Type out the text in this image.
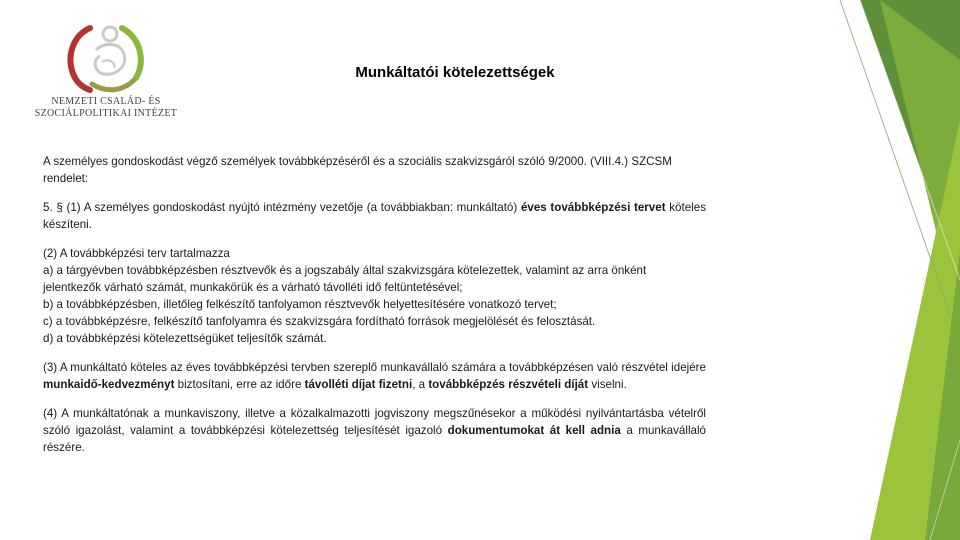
NEMZETI CSALÁD- ÉS
SZOCIÁLPOLITIKAI INTÉZET
Munkáltatói kötelezettségek

A személyes gondoskodást végző személyek továbbképzéséről és a szociális szakvizsgáról szóló 9/2000. (VIII.4.) SZCSM rendelet:

5. § (1) A személyes gondoskodást nyújtó intézmény vezetője (a továbbiakban: munkáltató) éves továbbképzési tervet köteles készíteni.

(2) A továbbképzési terv tartalmazza
a) a tárgyévben továbbképzésben résztvevők és a jogszabály által szakvizsgára kötelezettek, valamint az arra önként jelentkezők várható számát, munkakörük és a várható távolléti idő feltüntetésével;
b) a továbbképzésben, illetőleg felkészítő tanfolyamon résztvevők helyettesítésére vonatkozó tervet;
c) a továbbképzésre, felkészítő tanfolyamra és szakvizsgára fordítható források megjelölését és felosztását.
d) a továbbképzési kötelezettségüket teljesítők számát.

(3) A munkáltató köteles az éves továbbképzési tervben szereplő munkavállaló számára a továbbképzésen való részvétel idejére munkaidő-kedvezményt biztosítani, erre az időre távolléti díjat fizetni, a továbbképzés részvételi díját viselni.

(4) A munkáltatónak a munkaviszony, illetve a közalkalmazotti jogviszony megszűnésekor a működési nyilvántartásba vételről szóló igazolást, valamint a továbbképzési kötelezettség teljesítését igazoló dokumentumokat át kell adnia a munkavállaló részére.
